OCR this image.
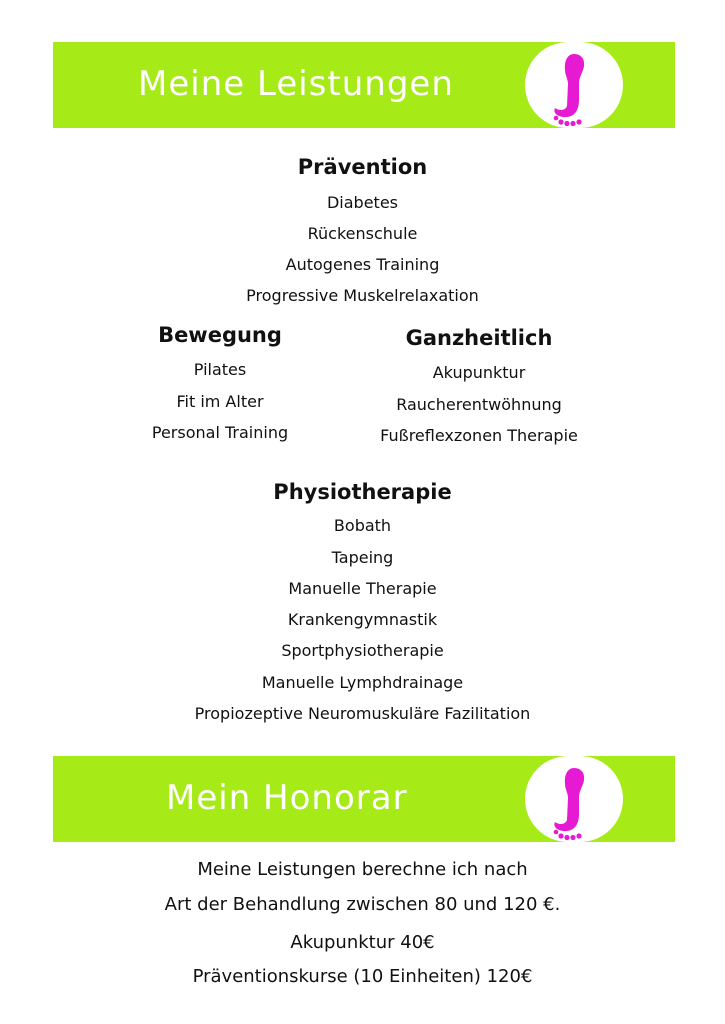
Meine Leistungen
Prävention
Diabetes
Rückenschule
Autogenes Training
Progressive Muskelrelaxation
Bewegung
Pilates
Fit im Alter
Personal Training
Ganzheitlich
Akupunktur
Raucherentwöhnung
Fußreflexzonen Therapie
Physiotherapie
Bobath
Tapeing
Manuelle Therapie
Krankengymnastik
Sportphysiotherapie
Manuelle Lymphdrainage
Propiozeptive Neuromuskuläre Fazilitation
Mein Honorar
Meine Leistungen berechne ich nach
Art der Behandlung zwischen 80 und 120 €.
Akupunktur 40€
Präventionskurse (10 Einheiten) 120€
